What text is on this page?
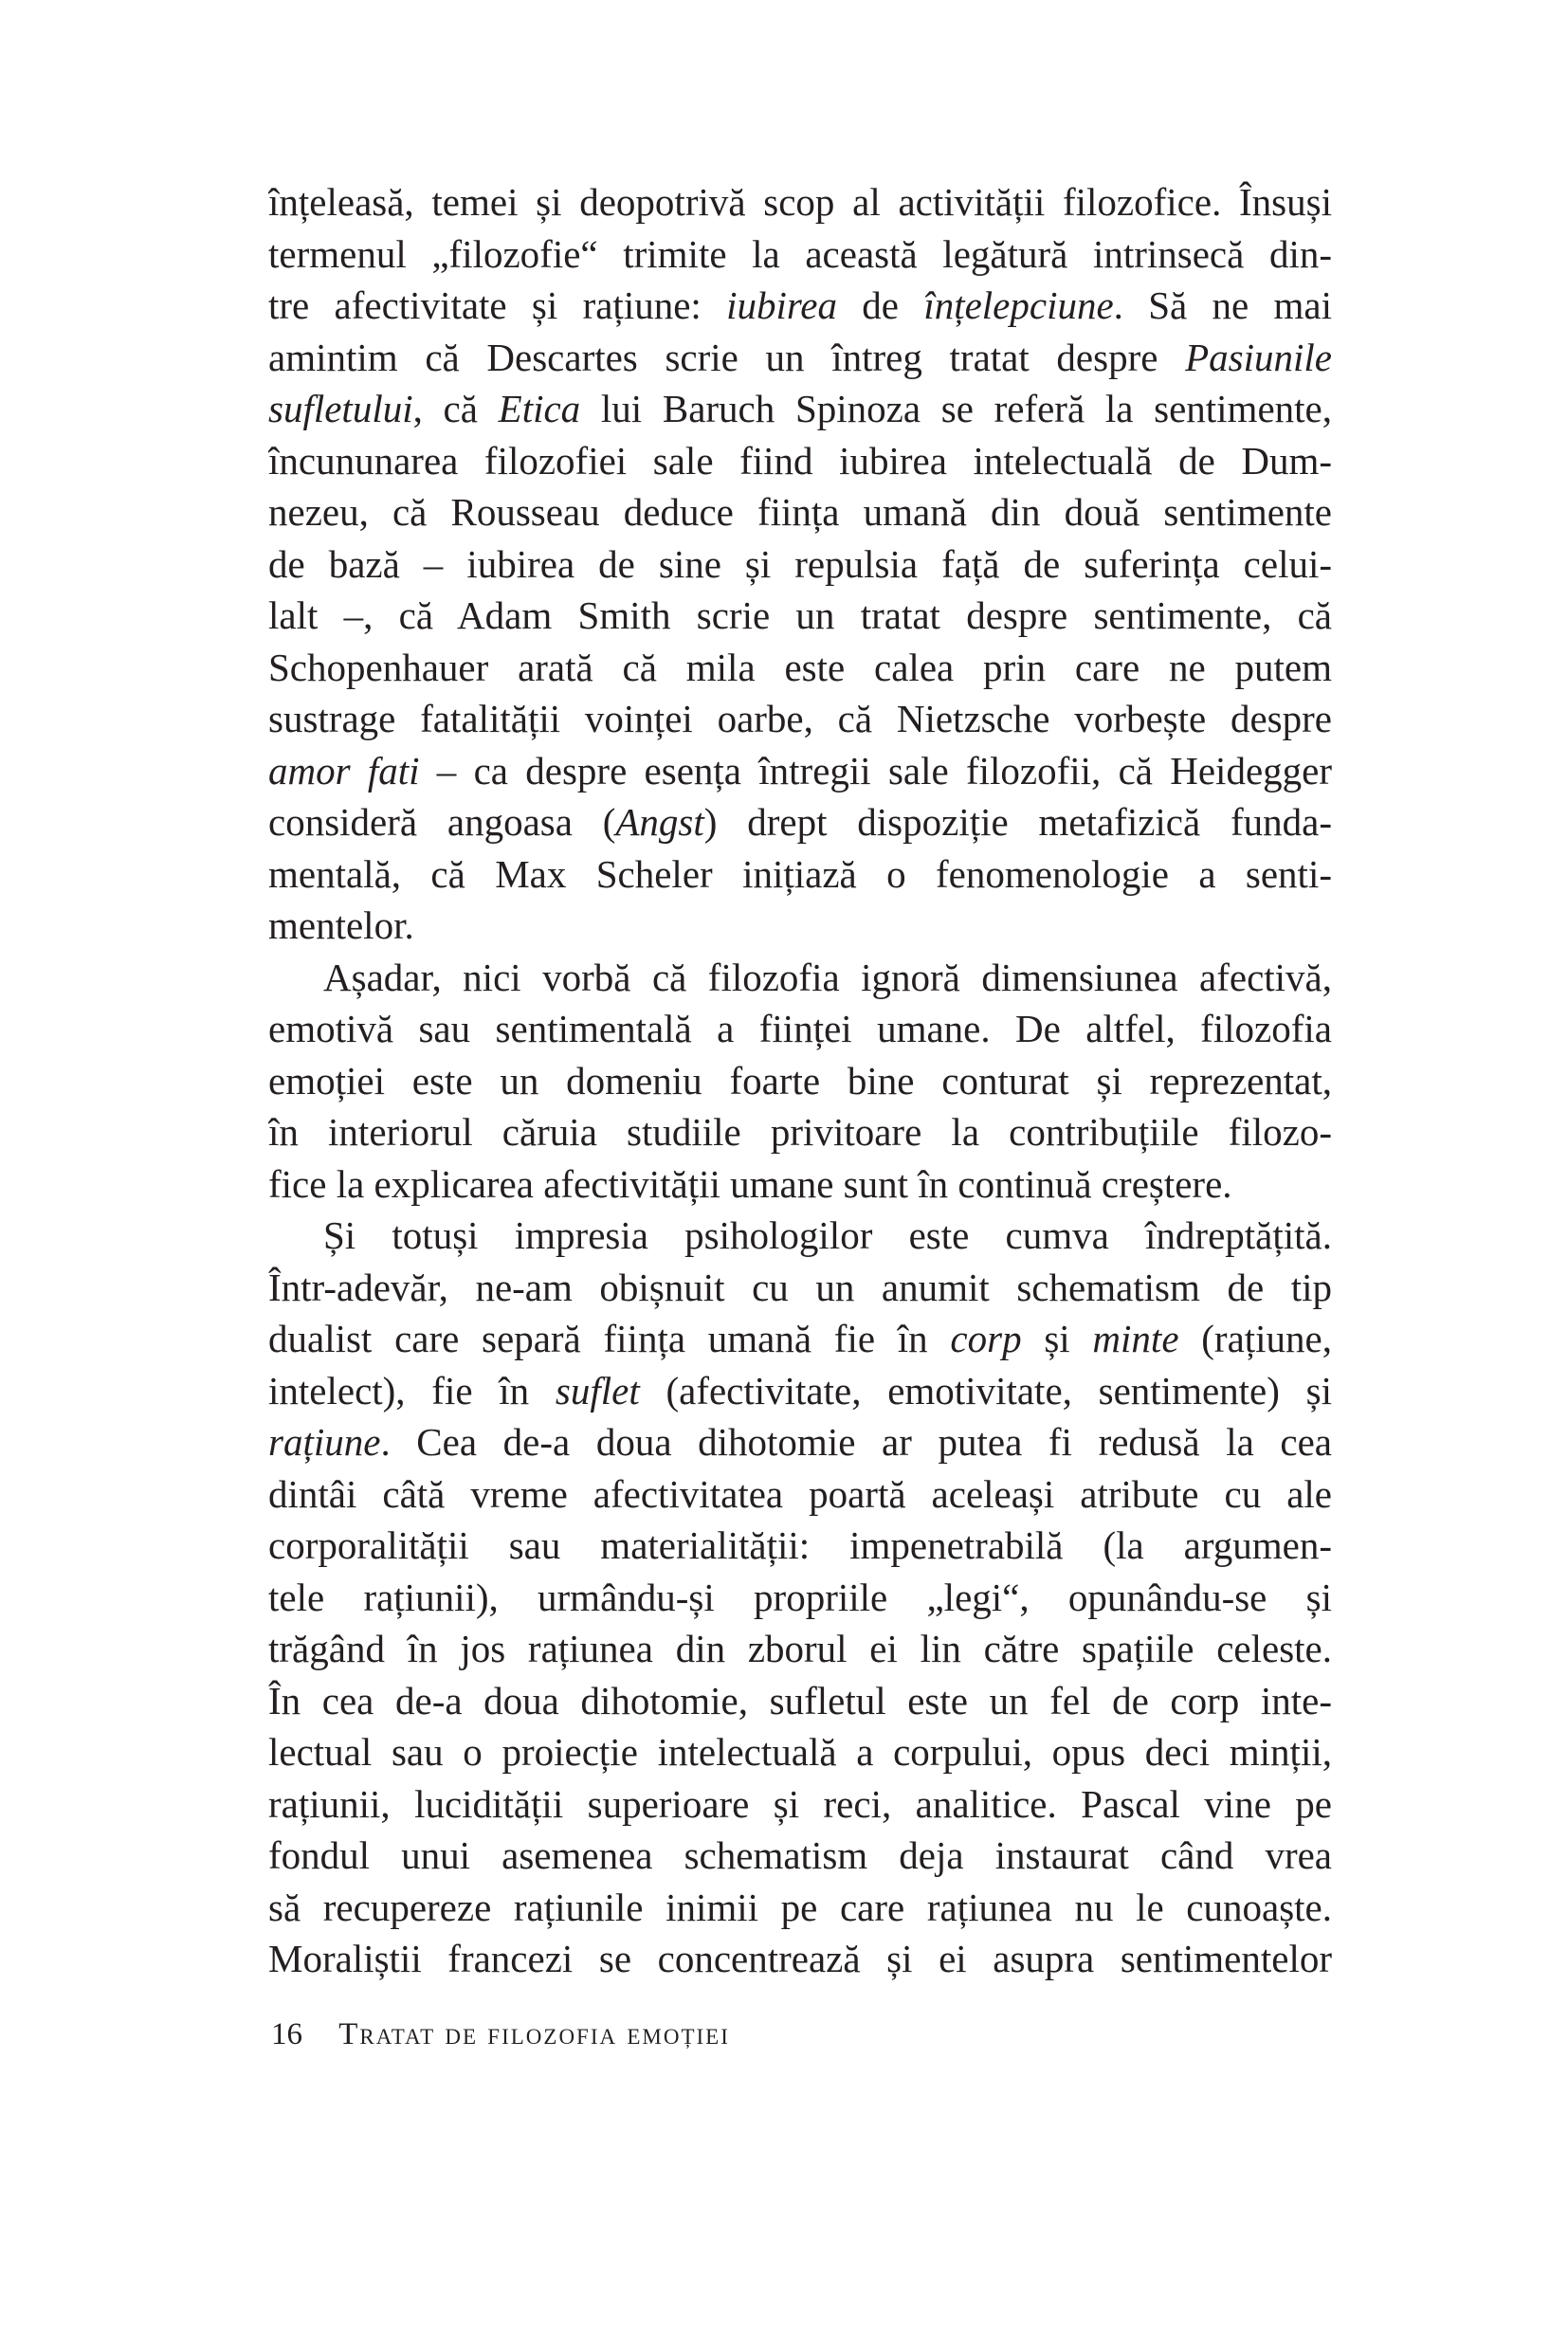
înțeleasă, temei și deopotrivă scop al activității filozofice. Însuși
termenul „filozofie“ trimite la această legătură intrinsecă din-
tre afectivitate și rațiune: iubirea de înțelepciune. Să ne mai
amintim că Descartes scrie un întreg tratat despre Pasiunile
sufletului, că Etica lui Baruch Spinoza se referă la sentimente,
încununarea filozofiei sale fiind iubirea intelectuală de Dum-
nezeu, că Rousseau deduce ființa umană din două sentimente
de bază – iubirea de sine și repulsia față de suferința celui-
lalt –, că Adam Smith scrie un tratat despre sentimente, că
Schopenhauer arată că mila este calea prin care ne putem
sustrage fatalității voinței oarbe, că Nietzsche vorbește despre
amor fati – ca despre esența întregii sale filozofii, că Heidegger
consideră angoasa (Angst) drept dispoziție metafizică funda-
mentală, că Max Scheler inițiază o fenomenologie a senti-
mentelor.
Așadar, nici vorbă că filozofia ignoră dimensiunea afectivă,
emotivă sau sentimentală a ființei umane. De altfel, filozofia
emoției este un domeniu foarte bine conturat și reprezentat,
în interiorul căruia studiile privitoare la contribuțiile filozo-
fice la explicarea afectivității umane sunt în continuă creștere.
Și totuși impresia psihologilor este cumva îndreptățită.
Într-adevăr, ne-am obișnuit cu un anumit schematism de tip
dualist care separă ființa umană fie în corp și minte (rațiune,
intelect), fie în suflet (afectivitate, emotivitate, sentimente) și
rațiune. Cea de-a doua dihotomie ar putea fi redusă la cea
dintâi câtă vreme afectivitatea poartă aceleași atribute cu ale
corporalității sau materialității: impenetrabilă (la argumen-
tele rațiunii), urmându-și propriile „legi“, opunându-se și
trăgând în jos rațiunea din zborul ei lin către spațiile celeste.
În cea de-a doua dihotomie, sufletul este un fel de corp inte-
lectual sau o proiecție intelectuală a corpului, opus deci minții,
rațiunii, lucidității superioare și reci, analitice. Pascal vine pe
fondul unui asemenea schematism deja instaurat când vrea
să recupereze rațiunile inimii pe care rațiunea nu le cunoaște.
Moraliștii francezi se concentrează și ei asupra sentimentelor
16 Tratat de filozofia emoției
